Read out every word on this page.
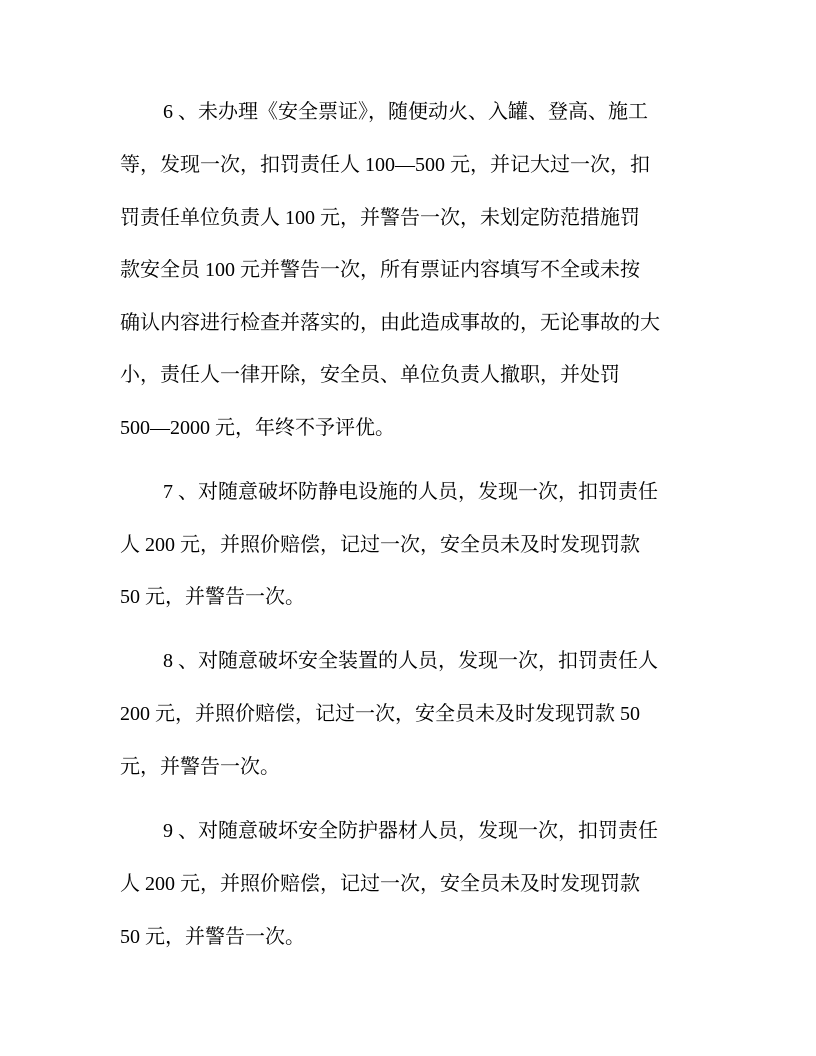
6 、未办理《安全票证》，随便动火、入罐、登高、施工
等，发现一次，扣罚责任人 100—500 元，并记大过一次，扣
罚责任单位负责人 100 元，并警告一次，未划定防范措施罚
款安全员 100 元并警告一次，所有票证内容填写不全或未按
确认内容进行检查并落实的，由此造成事故的，无论事故的大
小，责任人一律开除，安全员、单位负责人撤职，并处罚
500—2000 元，年终不予评优。
7 、对随意破坏防静电设施的人员，发现一次，扣罚责任
人 200 元，并照价赔偿，记过一次，安全员未及时发现罚款
50 元，并警告一次。
8 、对随意破坏安全装置的人员，发现一次，扣罚责任人
200 元，并照价赔偿，记过一次，安全员未及时发现罚款 50
元，并警告一次。
9 、对随意破坏安全防护器材人员，发现一次，扣罚责任
人 200 元，并照价赔偿，记过一次，安全员未及时发现罚款
50 元，并警告一次。
